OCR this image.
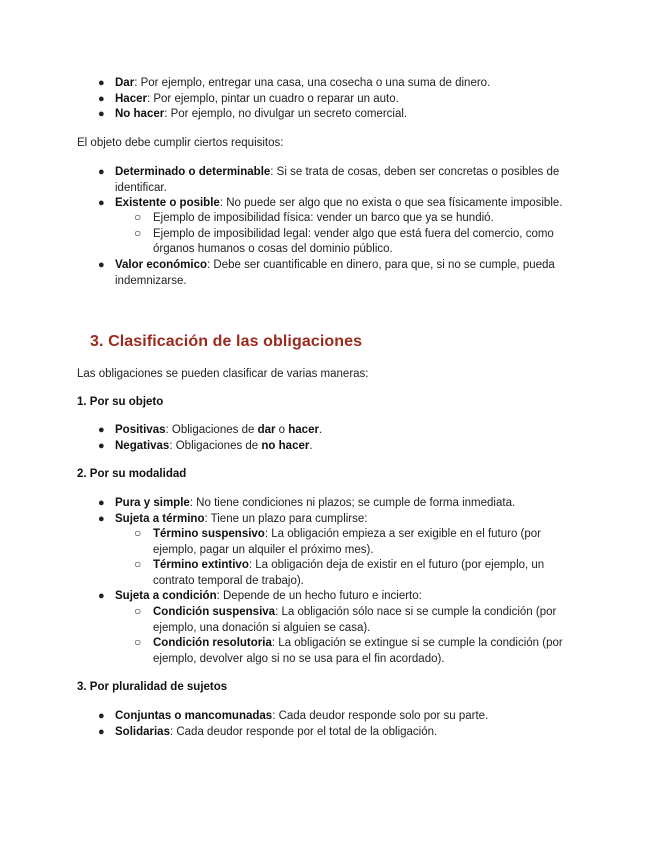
● Dar: Por ejemplo, entregar una casa, una cosecha o una suma de dinero.
● Hacer: Por ejemplo, pintar un cuadro o reparar un auto.
● No hacer: Por ejemplo, no divulgar un secreto comercial.
El objeto debe cumplir ciertos requisitos:
● Determinado o determinable: Si se trata de cosas, deben ser concretas o posibles de identificar.
● Existente o posible: No puede ser algo que no exista o que sea físicamente imposible.
○ Ejemplo de imposibilidad física: vender un barco que ya se hundió.
○ Ejemplo de imposibilidad legal: vender algo que está fuera del comercio, como órganos humanos o cosas del dominio público.
● Valor económico: Debe ser cuantificable en dinero, para que, si no se cumple, pueda indemnizarse.
3. Clasificación de las obligaciones
Las obligaciones se pueden clasificar de varias maneras:
1. Por su objeto
● Positivas: Obligaciones de dar o hacer.
● Negativas: Obligaciones de no hacer.
2. Por su modalidad
● Pura y simple: No tiene condiciones ni plazos; se cumple de forma inmediata.
● Sujeta a término: Tiene un plazo para cumplirse:
○ Término suspensivo: La obligación empieza a ser exigible en el futuro (por ejemplo, pagar un alquiler el próximo mes).
○ Término extintivo: La obligación deja de existir en el futuro (por ejemplo, un contrato temporal de trabajo).
● Sujeta a condición: Depende de un hecho futuro e incierto:
○ Condición suspensiva: La obligación sólo nace si se cumple la condición (por ejemplo, una donación si alguien se casa).
○ Condición resolutoria: La obligación se extingue si se cumple la condición (por ejemplo, devolver algo si no se usa para el fin acordado).
3. Por pluralidad de sujetos
● Conjuntas o mancomunadas: Cada deudor responde solo por su parte.
● Solidarias: Cada deudor responde por el total de la obligación.
